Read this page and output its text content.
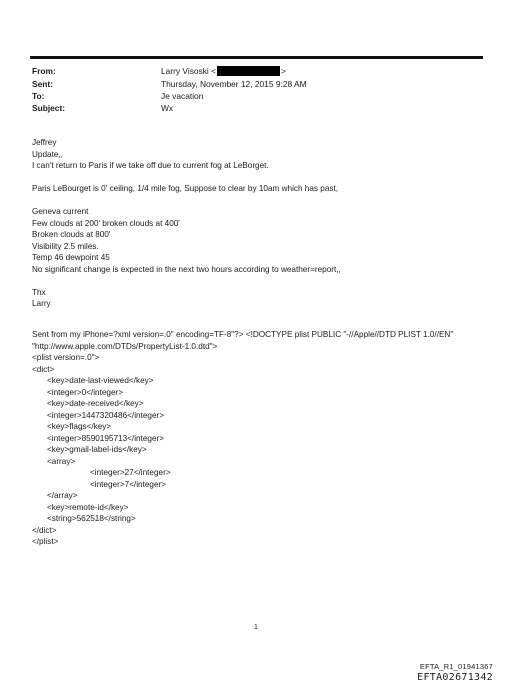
From:	Larry Visoski <	>
Sent:	Thursday, November 12, 2015 9:28 AM
To:	Je vacation
Subject:	Wx
Jeffrey
Update,,
I can't return to Paris if we take off due to current fog at LeBorget.
Paris LeBourget is 0' ceiling, 1/4 mile fog, Suppose to clear by 10am which has past,
Geneva current
Few clouds at 200' broken clouds at 400'
Broken clouds at 800'
Visibility 2.5 miles.
Temp 46 dewpoint 45
No significant change is expected in the next two hours according to weather=report,,
Thx
Larry
Sent from my iPhone=?xml version=.0" encoding=TF-8"?> <!DOCTYPE plist PUBLIC "-//Apple//DTD PLIST 1.0//EN"
"http://www.apple.com/DTDs/PropertyList-1.0.dtd">
<plist version=.0">
<dict>
<key>date-last-viewed</key>
<integer>0</integer>
<key>date-received</key>
<integer>1447320486</integer>
<key>flags</key>
<integer>8590195713</integer>
<key>gmail-label-ids</key>
<array>
<integer>27</integer>
<integer>7</integer>
</array>
<key>remote-id</key>
<string>562518</string>
</dict>
</plist>
1
EFTA_R1_01941367
EFTA02671342
